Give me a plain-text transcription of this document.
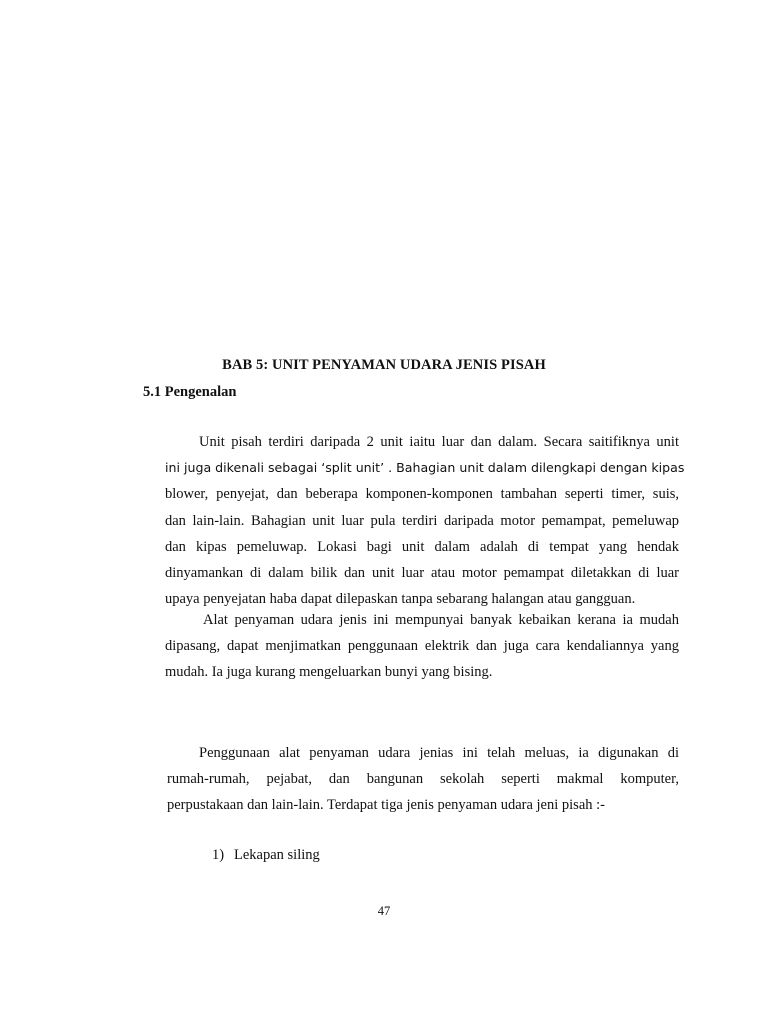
BAB 5: UNIT PENYAMAN UDARA JENIS PISAH
5.1 Pengenalan
Unit pisah terdiri daripada 2 unit iaitu luar dan dalam. Secara saitifiknya unit
ini juga dikenali sebagai ‘split unit’ . Bahagian unit dalam dilengkapi dengan kipas
blower, penyejat, dan beberapa komponen-komponen tambahan seperti timer, suis,
dan lain-lain. Bahagian unit luar pula terdiri daripada motor pemampat, pemeluwap
dan kipas pemeluwap. Lokasi bagi unit dalam adalah di tempat yang hendak
dinyamankan di dalam bilik dan unit luar atau motor pemampat diletakkan di luar
upaya penyejatan haba dapat dilepaskan tanpa sebarang halangan atau gangguan.
Alat penyaman udara jenis ini mempunyai banyak kebaikan kerana ia mudah
dipasang, dapat menjimatkan penggunaan elektrik dan juga cara kendaliannya yang
mudah. Ia juga kurang mengeluarkan bunyi yang bising.
Penggunaan alat penyaman udara jenias ini telah meluas, ia digunakan di
rumah-rumah, pejabat, dan bangunan sekolah seperti makmal komputer,
perpustakaan dan lain-lain. Terdapat tiga jenis penyaman udara jeni pisah :-
1) Lekapan siling
47
